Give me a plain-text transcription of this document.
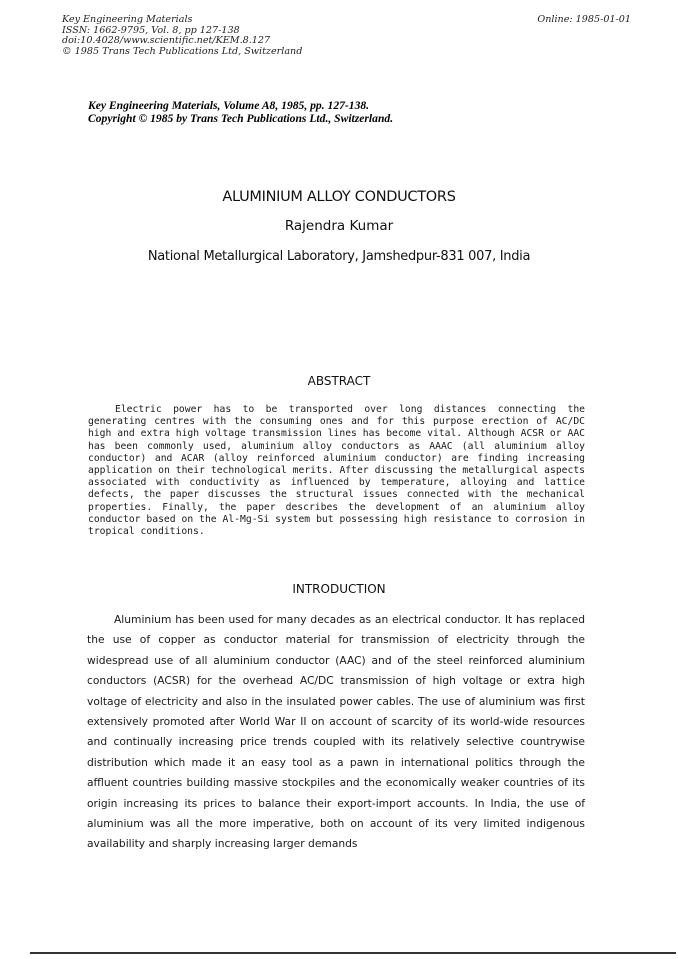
Key Engineering Materials
ISSN: 1662-9795, Vol. 8, pp 127-138
doi:10.4028/www.scientific.net/KEM.8.127
© 1985 Trans Tech Publications Ltd, Switzerland
Online: 1985-01-01
Key Engineering Materials, Volume A8, 1985, pp. 127-138.
Copyright © 1985 by Trans Tech Publications Ltd., Switzerland.
ALUMINIUM ALLOY CONDUCTORS
Rajendra Kumar
National Metallurgical Laboratory, Jamshedpur-831 007, India
ABSTRACT

Electric power has to be transported over long distances connecting the generating centres with the consuming ones and for this purpose erection of AC/DC high and extra high voltage transmission lines has become vital. Although ACSR or AAC has been commonly used, aluminium alloy conductors as AAAC (all aluminium alloy conductor) and ACAR (alloy reinforced aluminium conductor) are finding increasing application on their technological merits. After discussing the metallurgical aspects associated with conductivity as influenced by temperature, alloying and lattice defects, the paper discusses the structural issues connected with the mechanical properties. Finally, the paper describes the development of an aluminium alloy conductor based on the Al-Mg-Si system but possessing high resistance to corrosion in tropical conditions.

INTRODUCTION

Aluminium has been used for many decades as an electrical conductor. It has replaced the use of copper as conductor material for transmission of electricity through the widespread use of all aluminium conductor (AAC) and of the steel reinforced aluminium conductors (ACSR) for the overhead AC/DC transmission of high voltage or extra high voltage of electricity and also in the insulated power cables. The use of aluminium was first extensively promoted after World War II on account of scarcity of its world-wide resources and continually increasing price trends coupled with its relatively selective countrywise distribution which made it an easy tool as a pawn in international politics through the affluent countries building massive stockpiles and the economically weaker countries of its origin increasing its prices to balance their export-import accounts. In India, the use of aluminium was all the more imperative, both on account of its very limited indigenous availability and sharply increasing larger demands
